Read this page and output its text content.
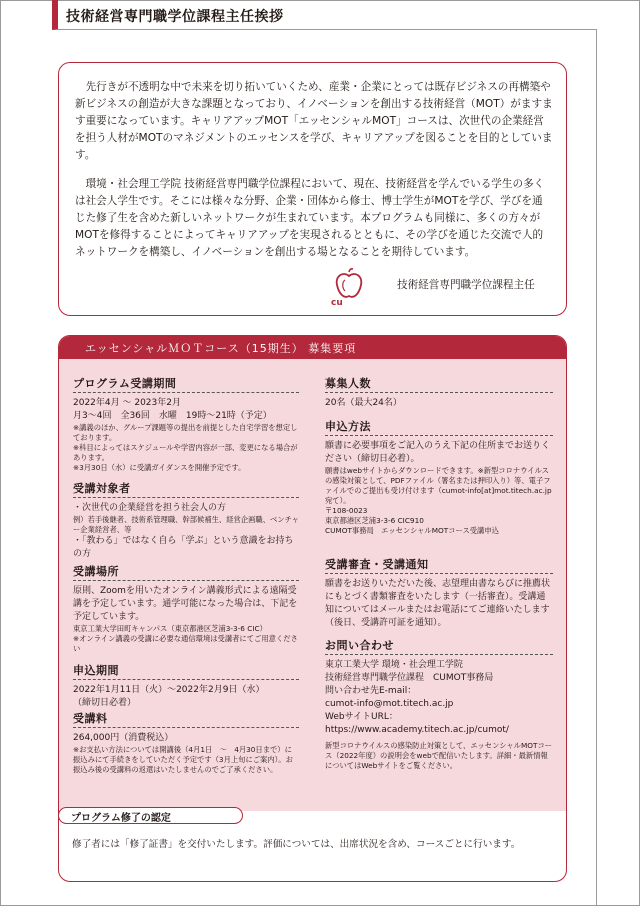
技術経営専門職学位課程主任挨拶
先行きが不透明な中で未来を切り拓いていくため、産業・企業にとっては既存ビジネスの再構築や新ビジネスの創造が大きな課題となっており、イノベーションを創出する技術経営（MOT）がますます重要になっています。キャリアアップMOT「エッセンシャルMOT」コースは、次世代の企業経営を担う人材がMOTのマネジメントのエッセンスを学び、キャリアアップを図ることを目的としています。
環境・社会理工学院 技術経営専門職学位課程において、現在、技術経営を学んでいる学生の多くは社会人学生です。そこには様々な分野、企業・団体から修士、博士学生がMOTを学び、学びを通じた修了生を含めた新しいネットワークが生まれています。本プログラムも同様に、多くの方々がMOTを修得することによってキャリアアップを実現されるとともに、その学びを通じた交流で人的ネットワークを構築し、イノベーションを創出する場となることを期待しています。
cu
技術経営専門職学位課程主任
エッセンシャルＭＯＴコース（15期生） 募集要項
プログラム受講期間
2022年4月 〜 2023年2月
月3〜4回　全36回　水曜　19時〜21時（予定）
※講義のほか、グループ課題等の提出を前提とした自宅学習を想定しております。
※科目によってはスケジュールや学習内容が一部、変更になる場合があります。
※3月30日（水）に受講ガイダンスを開催予定です。
受講対象者
・次世代の企業経営を担う社会人の方
例）若手後継者、技術系管理職、幹部候補生、経営企画職、ベンチャー企業経営者、等
・「教わる」ではなく自ら「学ぶ」という意識をお持ちの方
受講場所
原則、Zoomを用いたオンライン講義形式による遠隔受講を予定しています。通学可能になった場合は、下記を予定しています。
東京工業大学田町キャンパス（東京都港区芝浦3-3-6 CIC）
※オンライン講義の受講に必要な通信環境は受講者にてご用意ください
申込期間
2022年1月11日（火）〜2022年2月9日（水）
（締切日必着）
受講料
264,000円（消費税込）
※お支払い方法については開講後（4月1日　〜　4月30日まで）に振込みにて手続きをしていただく予定です（3月上旬にご案内）。お振込み後の受講料の返還はいたしませんのでご了承ください。
募集人数
20名（最大24名）
申込方法
願書に必要事項をご記入のうえ下記の住所までお送りください（締切日必着）。
願書はwebサイトからダウンロードできます。※新型コロナウイルスの感染対策として、PDFファイル（署名または押印入り）等、電子ファイルでのご提出も受け付けます（cumot-info[at]mot.titech.ac.jp宛て）。
〒108-0023
東京都港区芝浦3-3-6 CIC910
CUMOT事務局　エッセンシャルMOTコース受講申込
受講審査・受講通知
願書をお送りいただいた後、志望理由書ならびに推薦状にもとづく書類審査をいたします（一括審査）。受講通知についてはメールまたはお電話にてご連絡いたします（後日、受講許可証を通知）。
お問い合わせ
東京工業大学 環境・社会理工学院
技術経営専門職学位課程　CUMOT事務局
問い合わせ先E-mail：
cumot-info@mot.titech.ac.jp
WebサイトURL：
https://www.academy.titech.ac.jp/cumot/
新型コロナウイルスの感染防止対策として、エッセンシャルMOTコース（2022年度）の説明会をwebで配信いたします。詳細・最新情報についてはWebサイトをご覧ください。
プログラム修了の認定
修了者には「修了証書」を交付いたします。評価については、出席状況を含め、コースごとに行います。
